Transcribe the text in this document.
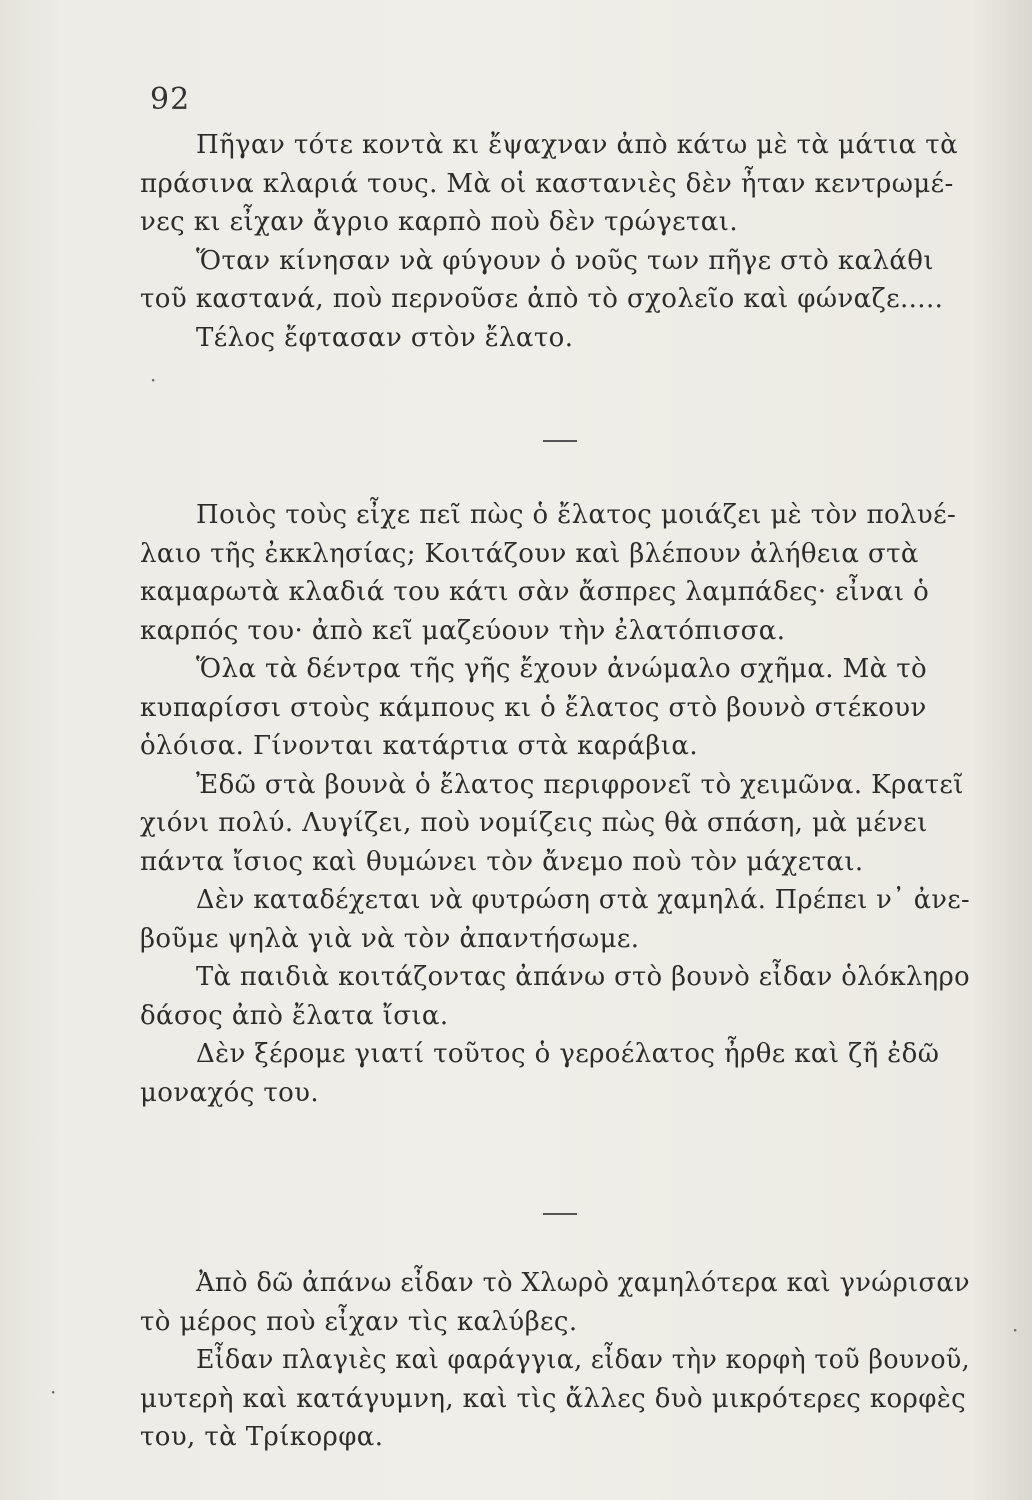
92
Πῆγαν τότε κοντὰ κι ἔψαχναν ἀπὸ κάτω μὲ τὰ μάτια τὰ
πράσινα κλαριά τους. Μὰ οἱ καστανιὲς δὲν ἦταν κεντρωμέ-
νες κι εἶχαν ἄγριο καρπὸ ποὺ δὲν τρώγεται.
Ὅταν κίνησαν νὰ φύγουν ὁ νοῦς των πῆγε στὸ καλάθι
τοῦ καστανά, ποὺ περνοῦσε ἀπὸ τὸ σχολεῖο καὶ φώναζε.....
Τέλος ἔφτασαν στὸν ἔλατο.
Ποιὸς τοὺς εἶχε πεῖ πὼς ὁ ἔλατος μοιάζει μὲ τὸν πολυέ-
λαιο τῆς ἐκκλησίας; Κοιτάζουν καὶ βλέπουν ἀλήθεια στὰ
καμαρωτὰ κλαδιά του κάτι σὰν ἄσπρες λαμπάδες· εἶναι ὁ
καρπός του· ἀπὸ κεῖ μαζεύουν τὴν ἐλατόπισσα.
Ὅλα τὰ δέντρα τῆς γῆς ἔχουν ἀνώμαλο σχῆμα. Μὰ τὸ
κυπαρίσσι στοὺς κάμπους κι ὁ ἔλατος στὸ βουνὸ στέκουν
ὁλόισα. Γίνονται κατάρτια στὰ καράβια.
Ἐδῶ στὰ βουνὰ ὁ ἔλατος περιφρονεῖ τὸ χειμῶνα. Κρατεῖ
χιόνι πολύ. Λυγίζει, ποὺ νομίζεις πὼς θὰ σπάση, μὰ μένει
πάντα ἴσιος καὶ θυμώνει τὸν ἄνεμο ποὺ τὸν μάχεται.
Δὲν καταδέχεται νὰ φυτρώση στὰ χαμηλά. Πρέπει ν᾽ ἀνε-
βοῦμε ψηλὰ γιὰ νὰ τὸν ἀπαντήσωμε.
Τὰ παιδιὰ κοιτάζοντας ἀπάνω στὸ βουνὸ εἶδαν ὁλόκληρο
δάσος ἀπὸ ἔλατα ἴσια.
Δὲν ξέρομε γιατί τοῦτος ὁ γεροέλατος ἦρθε καὶ ζῆ ἐδῶ
μοναχός του.
Ἀπὸ δῶ ἀπάνω εἶδαν τὸ Χλωρὸ χαμηλότερα καὶ γνώρισαν
τὸ μέρος ποὺ εἶχαν τὶς καλύβες.
Εἶδαν πλαγιὲς καὶ φαράγγια, εἶδαν τὴν κορφὴ τοῦ βουνοῦ,
μυτερὴ καὶ κατάγυμνη, καὶ τὶς ἄλλες δυὸ μικρότερες κορφὲς
του, τὰ Τρίκορφα.
·
·
·
